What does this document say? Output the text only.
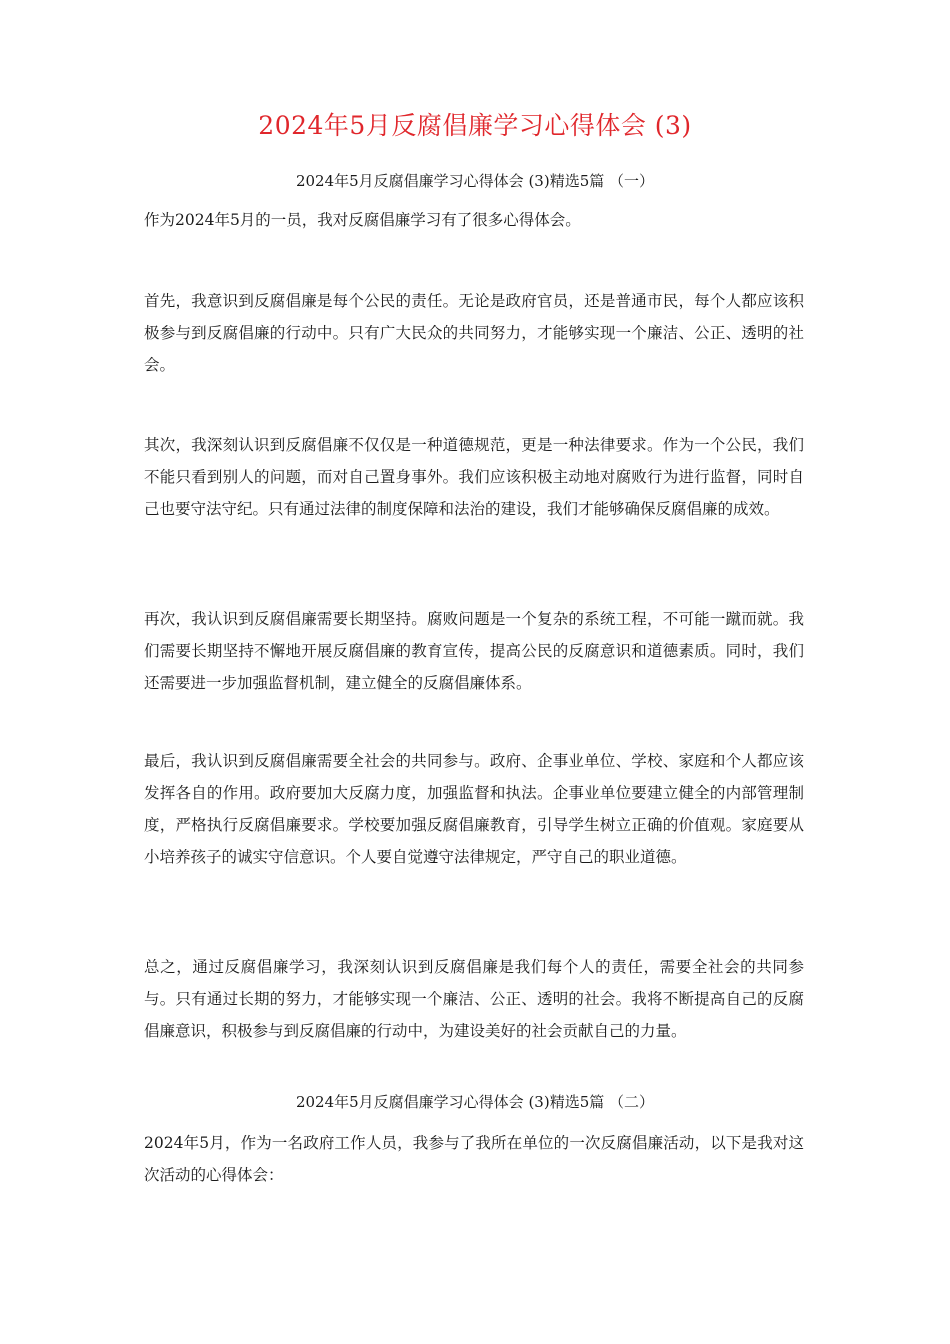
2024年5月反腐倡廉学习心得体会 (3)
2024年5月反腐倡廉学习心得体会 (3)精选5篇 （一）

作为2024年5月的一员，我对反腐倡廉学习有了很多心得体会。

首先，我意识到反腐倡廉是每个公民的责任。无论是政府官员，还是普通市民，每个人都应该积极参与到反腐倡廉的行动中。只有广大民众的共同努力，才能够实现一个廉洁、公正、透明的社会。

其次，我深刻认识到反腐倡廉不仅仅是一种道德规范，更是一种法律要求。作为一个公民，我们不能只看到别人的问题，而对自己置身事外。我们应该积极主动地对腐败行为进行监督，同时自己也要守法守纪。只有通过法律的制度保障和法治的建设，我们才能够确保反腐倡廉的成效。

再次，我认识到反腐倡廉需要长期坚持。腐败问题是一个复杂的系统工程，不可能一蹴而就。我们需要长期坚持不懈地开展反腐倡廉的教育宣传，提高公民的反腐意识和道德素质。同时，我们还需要进一步加强监督机制，建立健全的反腐倡廉体系。

最后，我认识到反腐倡廉需要全社会的共同参与。政府、企事业单位、学校、家庭和个人都应该发挥各自的作用。政府要加大反腐力度，加强监督和执法。企事业单位要建立健全的内部管理制度，严格执行反腐倡廉要求。学校要加强反腐倡廉教育，引导学生树立正确的价值观。家庭要从小培养孩子的诚实守信意识。个人要自觉遵守法律规定，严守自己的职业道德。

总之，通过反腐倡廉学习，我深刻认识到反腐倡廉是我们每个人的责任，需要全社会的共同参与。只有通过长期的努力，才能够实现一个廉洁、公正、透明的社会。我将不断提高自己的反腐倡廉意识，积极参与到反腐倡廉的行动中，为建设美好的社会贡献自己的力量。

2024年5月反腐倡廉学习心得体会 (3)精选5篇 （二）

2024年5月，作为一名政府工作人员，我参与了我所在单位的一次反腐倡廉活动，以下是我对这次活动的心得体会：
